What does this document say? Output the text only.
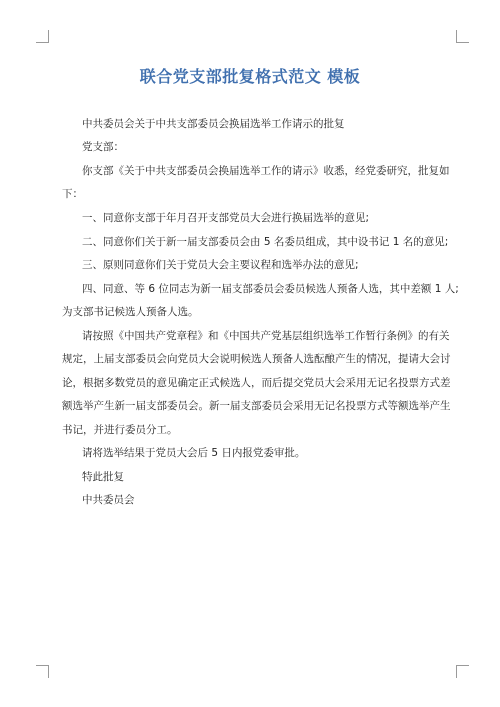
联合党支部批复格式范文 模板
中共委员会关于中共支部委员会换届选举工作请示的批复
党支部：
你支部《关于中共支部委员会换届选举工作的请示》收悉，经党委研究，批复如
下：
一、同意你支部于年月召开支部党员大会进行换届选举的意见;
二、同意你们关于新一届支部委员会由 5 名委员组成，其中设书记 1 名的意见;
三、原则同意你们关于党员大会主要议程和选举办法的意见;
四、同意、等 6 位同志为新一届支部委员会委员候选人预备人选，其中差额 1 人;
为支部书记候选人预备人选。
请按照《中国共产党章程》和《中国共产党基层组织选举工作暂行条例》的有关
规定，上届支部委员会向党员大会说明候选人预备人选酝酿产生的情况，提请大会讨
论，根据多数党员的意见确定正式候选人，而后提交党员大会采用无记名投票方式差
额选举产生新一届支部委员会。新一届支部委员会采用无记名投票方式等额选举产生
书记，并进行委员分工。
请将选举结果于党员大会后 5 日内报党委审批。
特此批复
中共委员会
